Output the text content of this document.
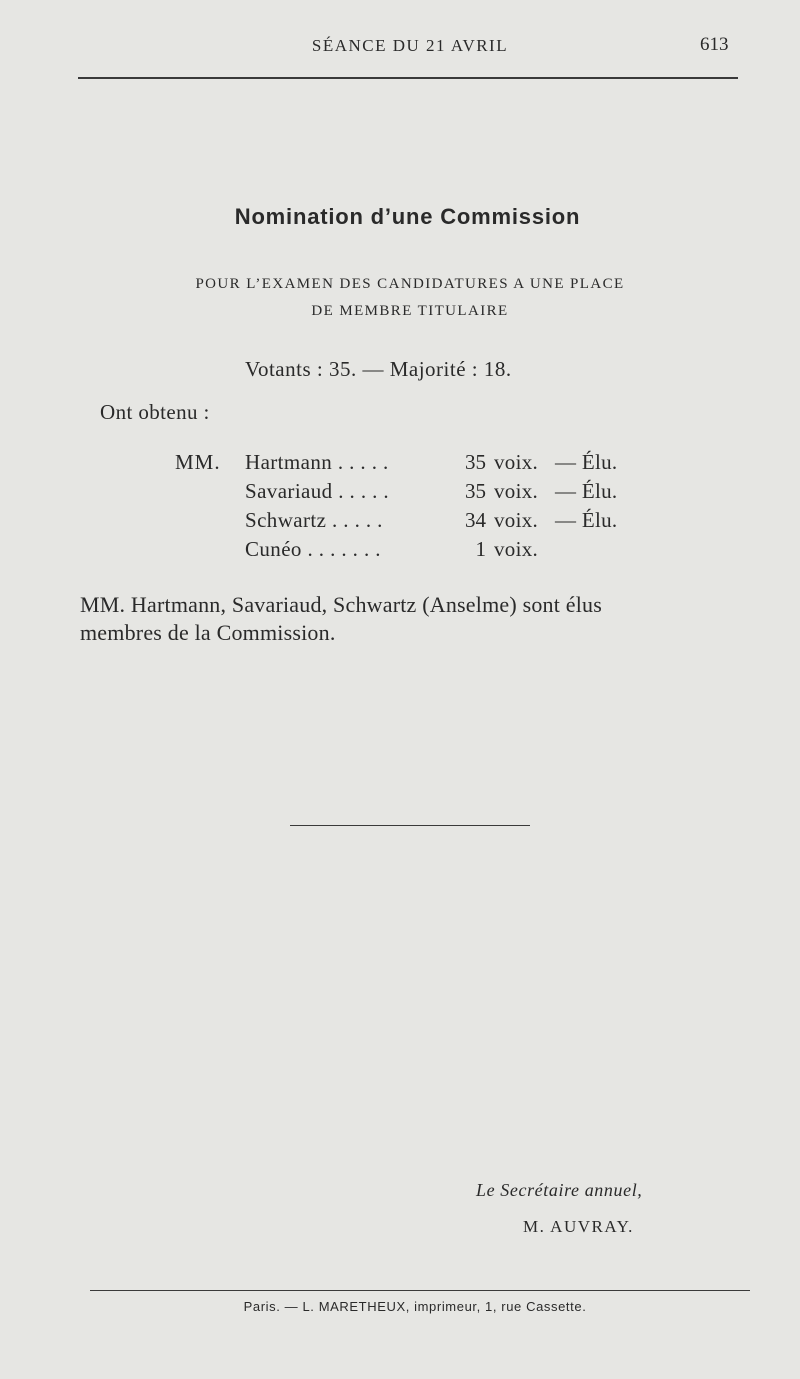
SÉANCE DU 21 AVRIL	613
Nomination d’une Commission
POUR L’EXAMEN DES CANDIDATURES A UNE PLACE
DE MEMBRE TITULAIRE
Votants : 35. — Majorité : 18.
Ont obtenu :
MM. Hartmann . . . . .	35 voix. — Élu.
Savariaud . . . . .	35 voix. — Élu.
Schwartz . . . . .	34 voix. — Élu.
Cunéo . . . . . . .	1 voix.
MM. Hartmann, Savariaud, Schwartz (Anselme) sont élus
membres de la Commission.
Le Secrétaire annuel,
M. AUVRAY.
Paris. — L. MARETHEUX, imprimeur, 1, rue Cassette.
